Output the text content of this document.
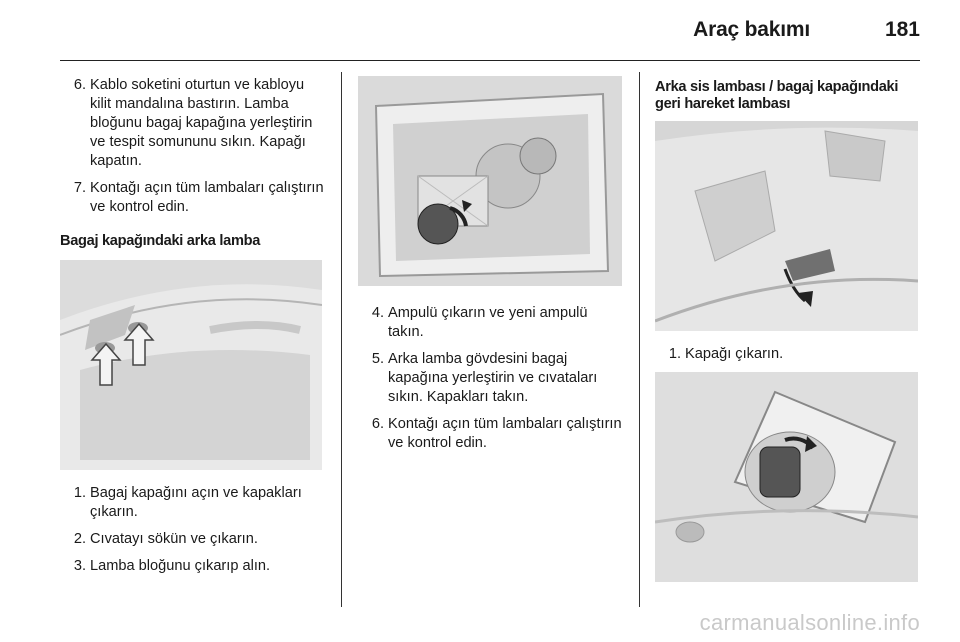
Araç bakımı	181
6. Kablo soketini oturtun ve kabloyu kilit mandalına bastırın. Lamba bloğunu bagaj kapağına yerleştirin ve tespit somununu sıkın. Kapağı kapatın.
7. Kontağı açın tüm lambaları çalıştırın ve kontrol edin.
Bagaj kapağındaki arka lamba
1. Bagaj kapağını açın ve kapakları çıkarın.
2. Cıvatayı sökün ve çıkarın.
3. Lamba bloğunu çıkarıp alın.
4. Ampulü çıkarın ve yeni ampulü takın.
5. Arka lamba gövdesini bagaj kapağına yerleştirin ve cıvataları sıkın. Kapakları takın.
6. Kontağı açın tüm lambaları çalıştırın ve kontrol edin.
Arka sis lambası / bagaj kapağındaki geri hareket lambası
1. Kapağı çıkarın.
carmanualsonline.info
